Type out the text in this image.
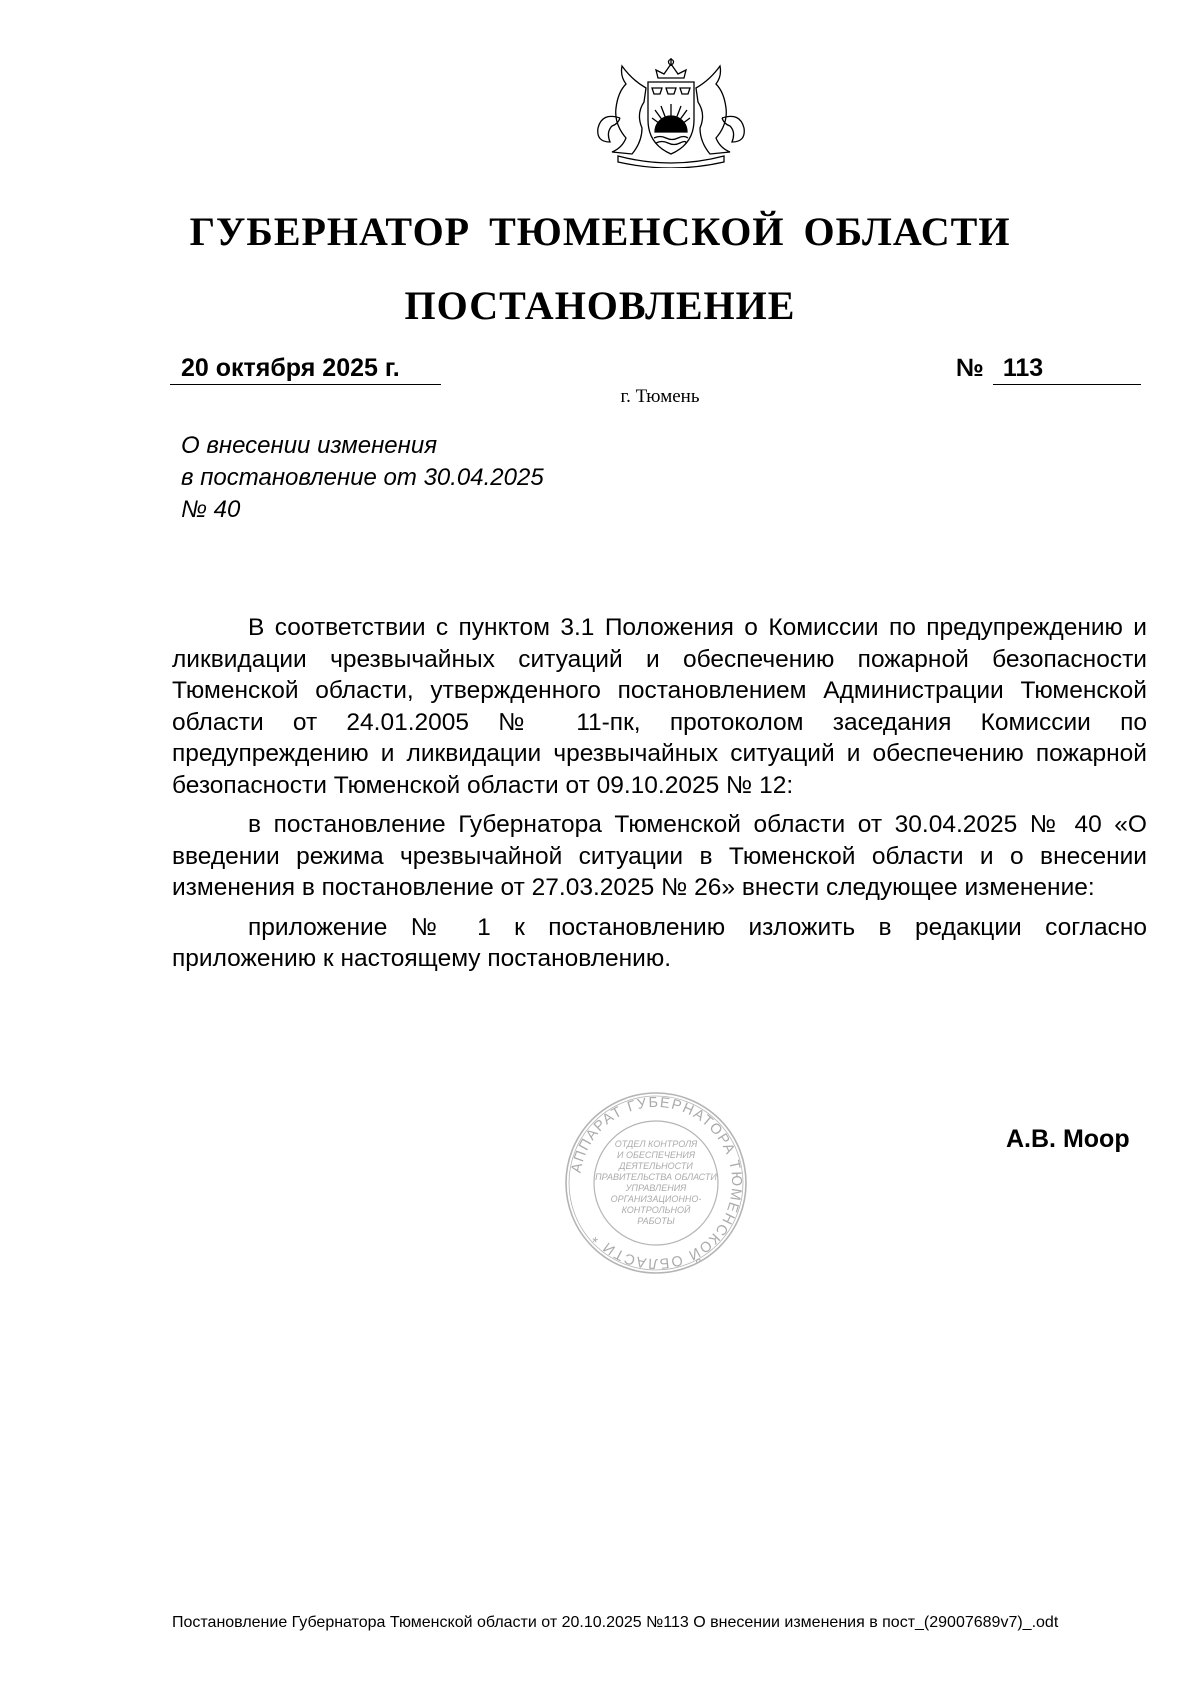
ГУБЕРНАТОР ТЮМЕНСКОЙ ОБЛАСТИ
ПОСТАНОВЛЕНИЕ
20 октября 2025 г.	№ 113
г. Тюмень
О внесении изменения
в постановление от 30.04.2025
№ 40

В соответствии с пунктом 3.1 Положения о Комиссии по предупреждению и ликвидации чрезвычайных ситуаций и обеспечению пожарной безопасности Тюменской области, утвержденного постановлением Администрации Тюменской области от 24.01.2005 № 11-пк, протоколом заседания Комиссии по предупреждению и ликвидации чрезвычайных ситуаций и обеспечению пожарной безопасности Тюменской области от 09.10.2025 № 12:

в постановление Губернатора Тюменской области от 30.04.2025 № 40 «О введении режима чрезвычайной ситуации в Тюменской области и о внесении изменения в постановление от 27.03.2025 № 26» внести следующее изменение:

приложение № 1 к постановлению изложить в редакции согласно приложению к настоящему постановлению.

АППАРАТ ГУБЕРНАТОРА ТЮМЕНСКОЙ ОБЛАСТИ *
ОТДЕЛ КОНТРОЛЯ
И ОБЕСПЕЧЕНИЯ
ДЕЯТЕЛЬНОСТИ
ПРАВИТЕЛЬСТВА ОБЛАСТИ
УПРАВЛЕНИЯ
ОРГАНИЗАЦИОННО-
КОНТРОЛЬНОЙ
РАБОТЫ
А.В. Моор
Постановление Губернатора Тюменской области от 20.10.2025 №113 О внесении изменения в пост_(29007689v7)_.odt
